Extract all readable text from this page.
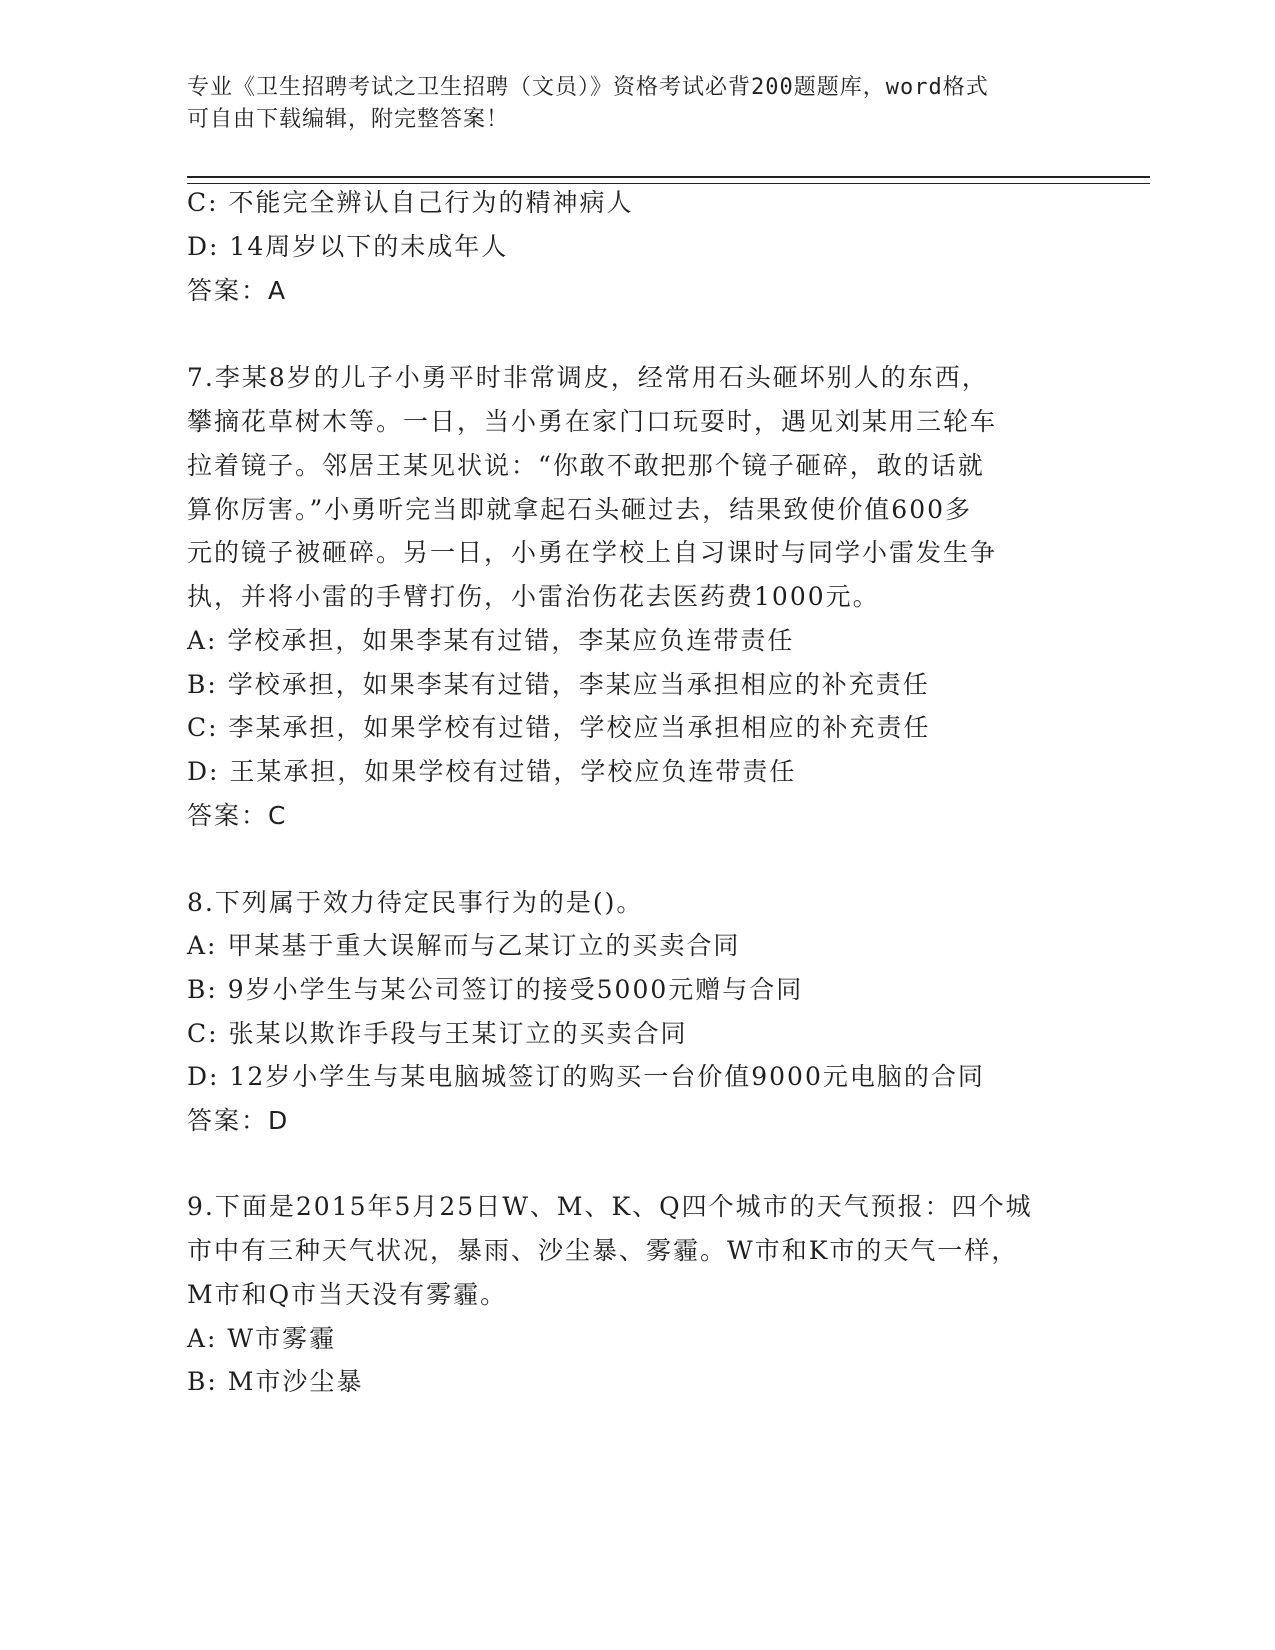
专业《卫生招聘考试之卫生招聘（文员）》资格考试必背200题题库，word格式
可自由下载编辑，附完整答案！
C: 不能完全辨认自己行为的精神病人
D: 14周岁以下的未成年人
答案：A
7.李某8岁的儿子小勇平时非常调皮，经常用石头砸坏别人的东西，
攀摘花草树木等。一日，当小勇在家门口玩耍时，遇见刘某用三轮车
拉着镜子。邻居王某见状说：“你敢不敢把那个镜子砸碎，敢的话就
算你厉害。”小勇听完当即就拿起石头砸过去，结果致使价值600多
元的镜子被砸碎。另一日，小勇在学校上自习课时与同学小雷发生争
执，并将小雷的手臂打伤，小雷治伤花去医药费1000元。
A: 学校承担，如果李某有过错，李某应负连带责任
B: 学校承担，如果李某有过错，李某应当承担相应的补充责任
C: 李某承担，如果学校有过错，学校应当承担相应的补充责任
D: 王某承担，如果学校有过错，学校应负连带责任
答案：C
8.下列属于效力待定民事行为的是()。
A: 甲某基于重大误解而与乙某订立的买卖合同
B: 9岁小学生与某公司签订的接受5000元赠与合同
C: 张某以欺诈手段与王某订立的买卖合同
D: 12岁小学生与某电脑城签订的购买一台价值9000元电脑的合同
答案：D
9.下面是2015年5月25日W、M、K、Q四个城市的天气预报：四个城
市中有三种天气状况，暴雨、沙尘暴、雾霾。W市和K市的天气一样，
M市和Q市当天没有雾霾。
A: W市雾霾
B: M市沙尘暴
